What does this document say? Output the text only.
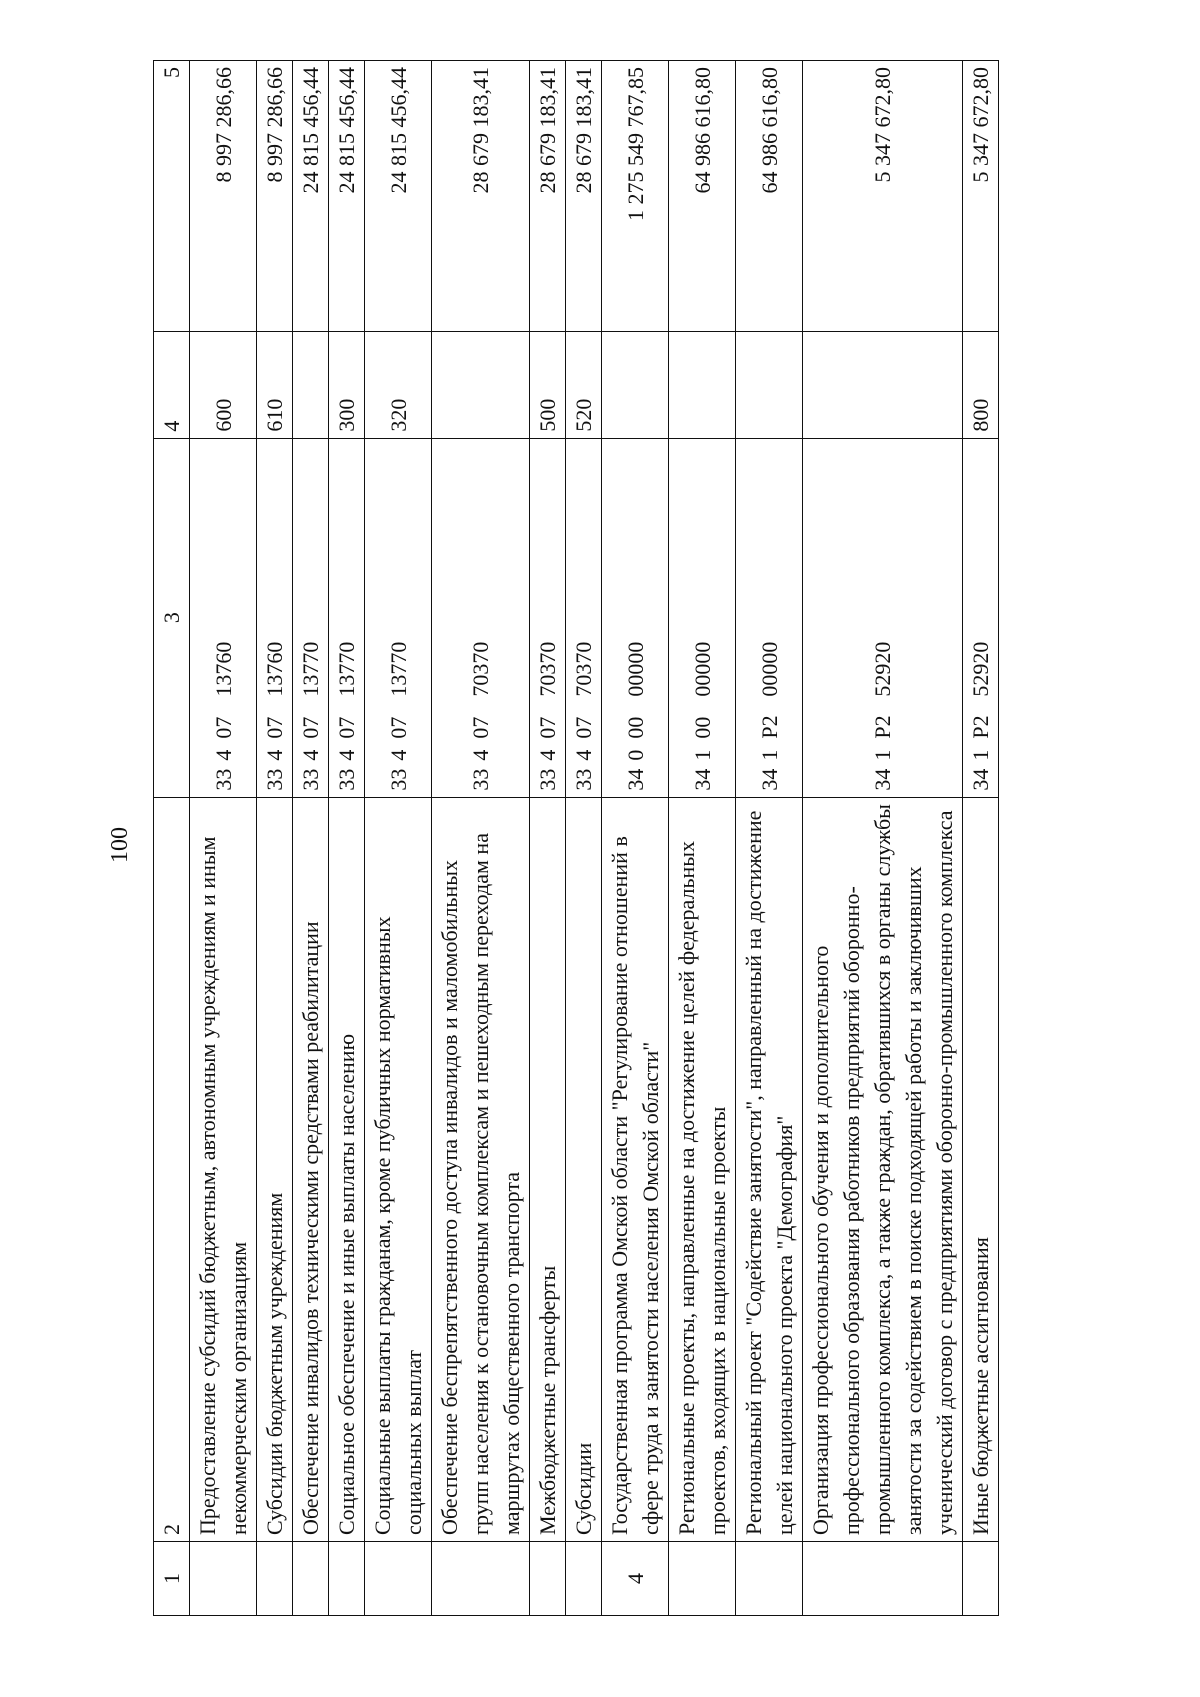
100
1	2	3	4	5
	Предоставление субсидий бюджетным, автономным учреждениям и иным некоммерческим организациям	3340713760	600	8 997 286,66
	Субсидии бюджетным учреждениям	3340713760	610	8 997 286,66
	Обеспечение инвалидов техническими средствами реабилитации	3340713770		24 815 456,44
	Социальное обеспечение и иные выплаты населению	3340713770	300	24 815 456,44
	Социальные выплаты гражданам, кроме публичных нормативных социальных выплат	3340713770	320	24 815 456,44
	Обеспечение беспрепятственного доступа инвалидов и маломобильных групп населения к остановочным комплексам и пешеходным переходам на маршрутах общественного транспорта	3340770370		28 679 183,41
	Межбюджетные трансферты	3340770370	500	28 679 183,41
	Субсидии	3340770370	520	28 679 183,41
4	Государственная программа Омской области "Регулирование отношений в сфере труда и занятости населения Омской области"	3400000000		1 275 549 767,85
	Региональные проекты, направленные на достижение целей федеральных проектов, входящих в национальные проекты	3410000000		64 986 616,80
	Региональный проект "Содействие занятости", направленный на достижение целей национального проекта "Демография"	341P200000		64 986 616,80
	Организация профессионального обучения и дополнительного профессионального образования работников предприятий оборонно-промышленного комплекса, а также граждан, обратившихся в органы службы занятости за содействием в поиске подходящей работы и заключивших ученический договор с предприятиями оборонно-промышленного комплекса	341P252920		5 347 672,80
	Иные бюджетные ассигнования	341P252920	800	5 347 672,80
